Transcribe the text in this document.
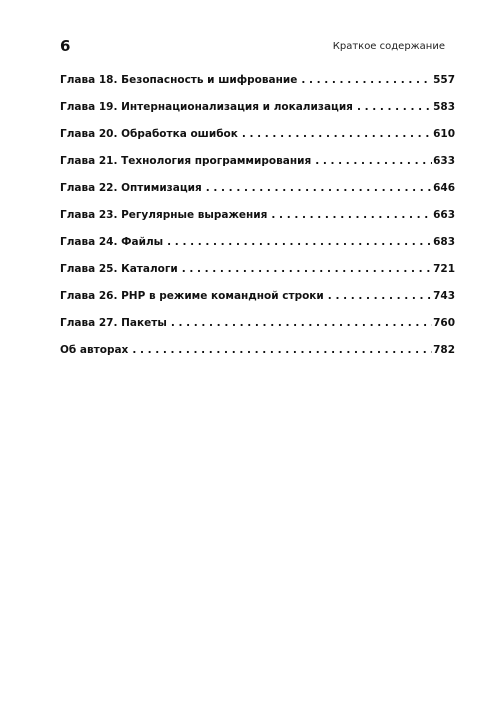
6	Краткое содержание
Глава 18. Безопасность и шифрование . . .	557
Глава 19. Интернационализация и локализация . . .	583
Глава 20. Обработка ошибок . . .	610
Глава 21. Технология программирования . . .	633
Глава 22. Оптимизация . . .	646
Глава 23. Регулярные выражения . . .	663
Глава 24. Файлы . . .	683
Глава 25. Каталоги . . .	721
Глава 26. PHP в режиме командной строки . . .	743
Глава 27. Пакеты . . .	760
Об авторах . . .	782
